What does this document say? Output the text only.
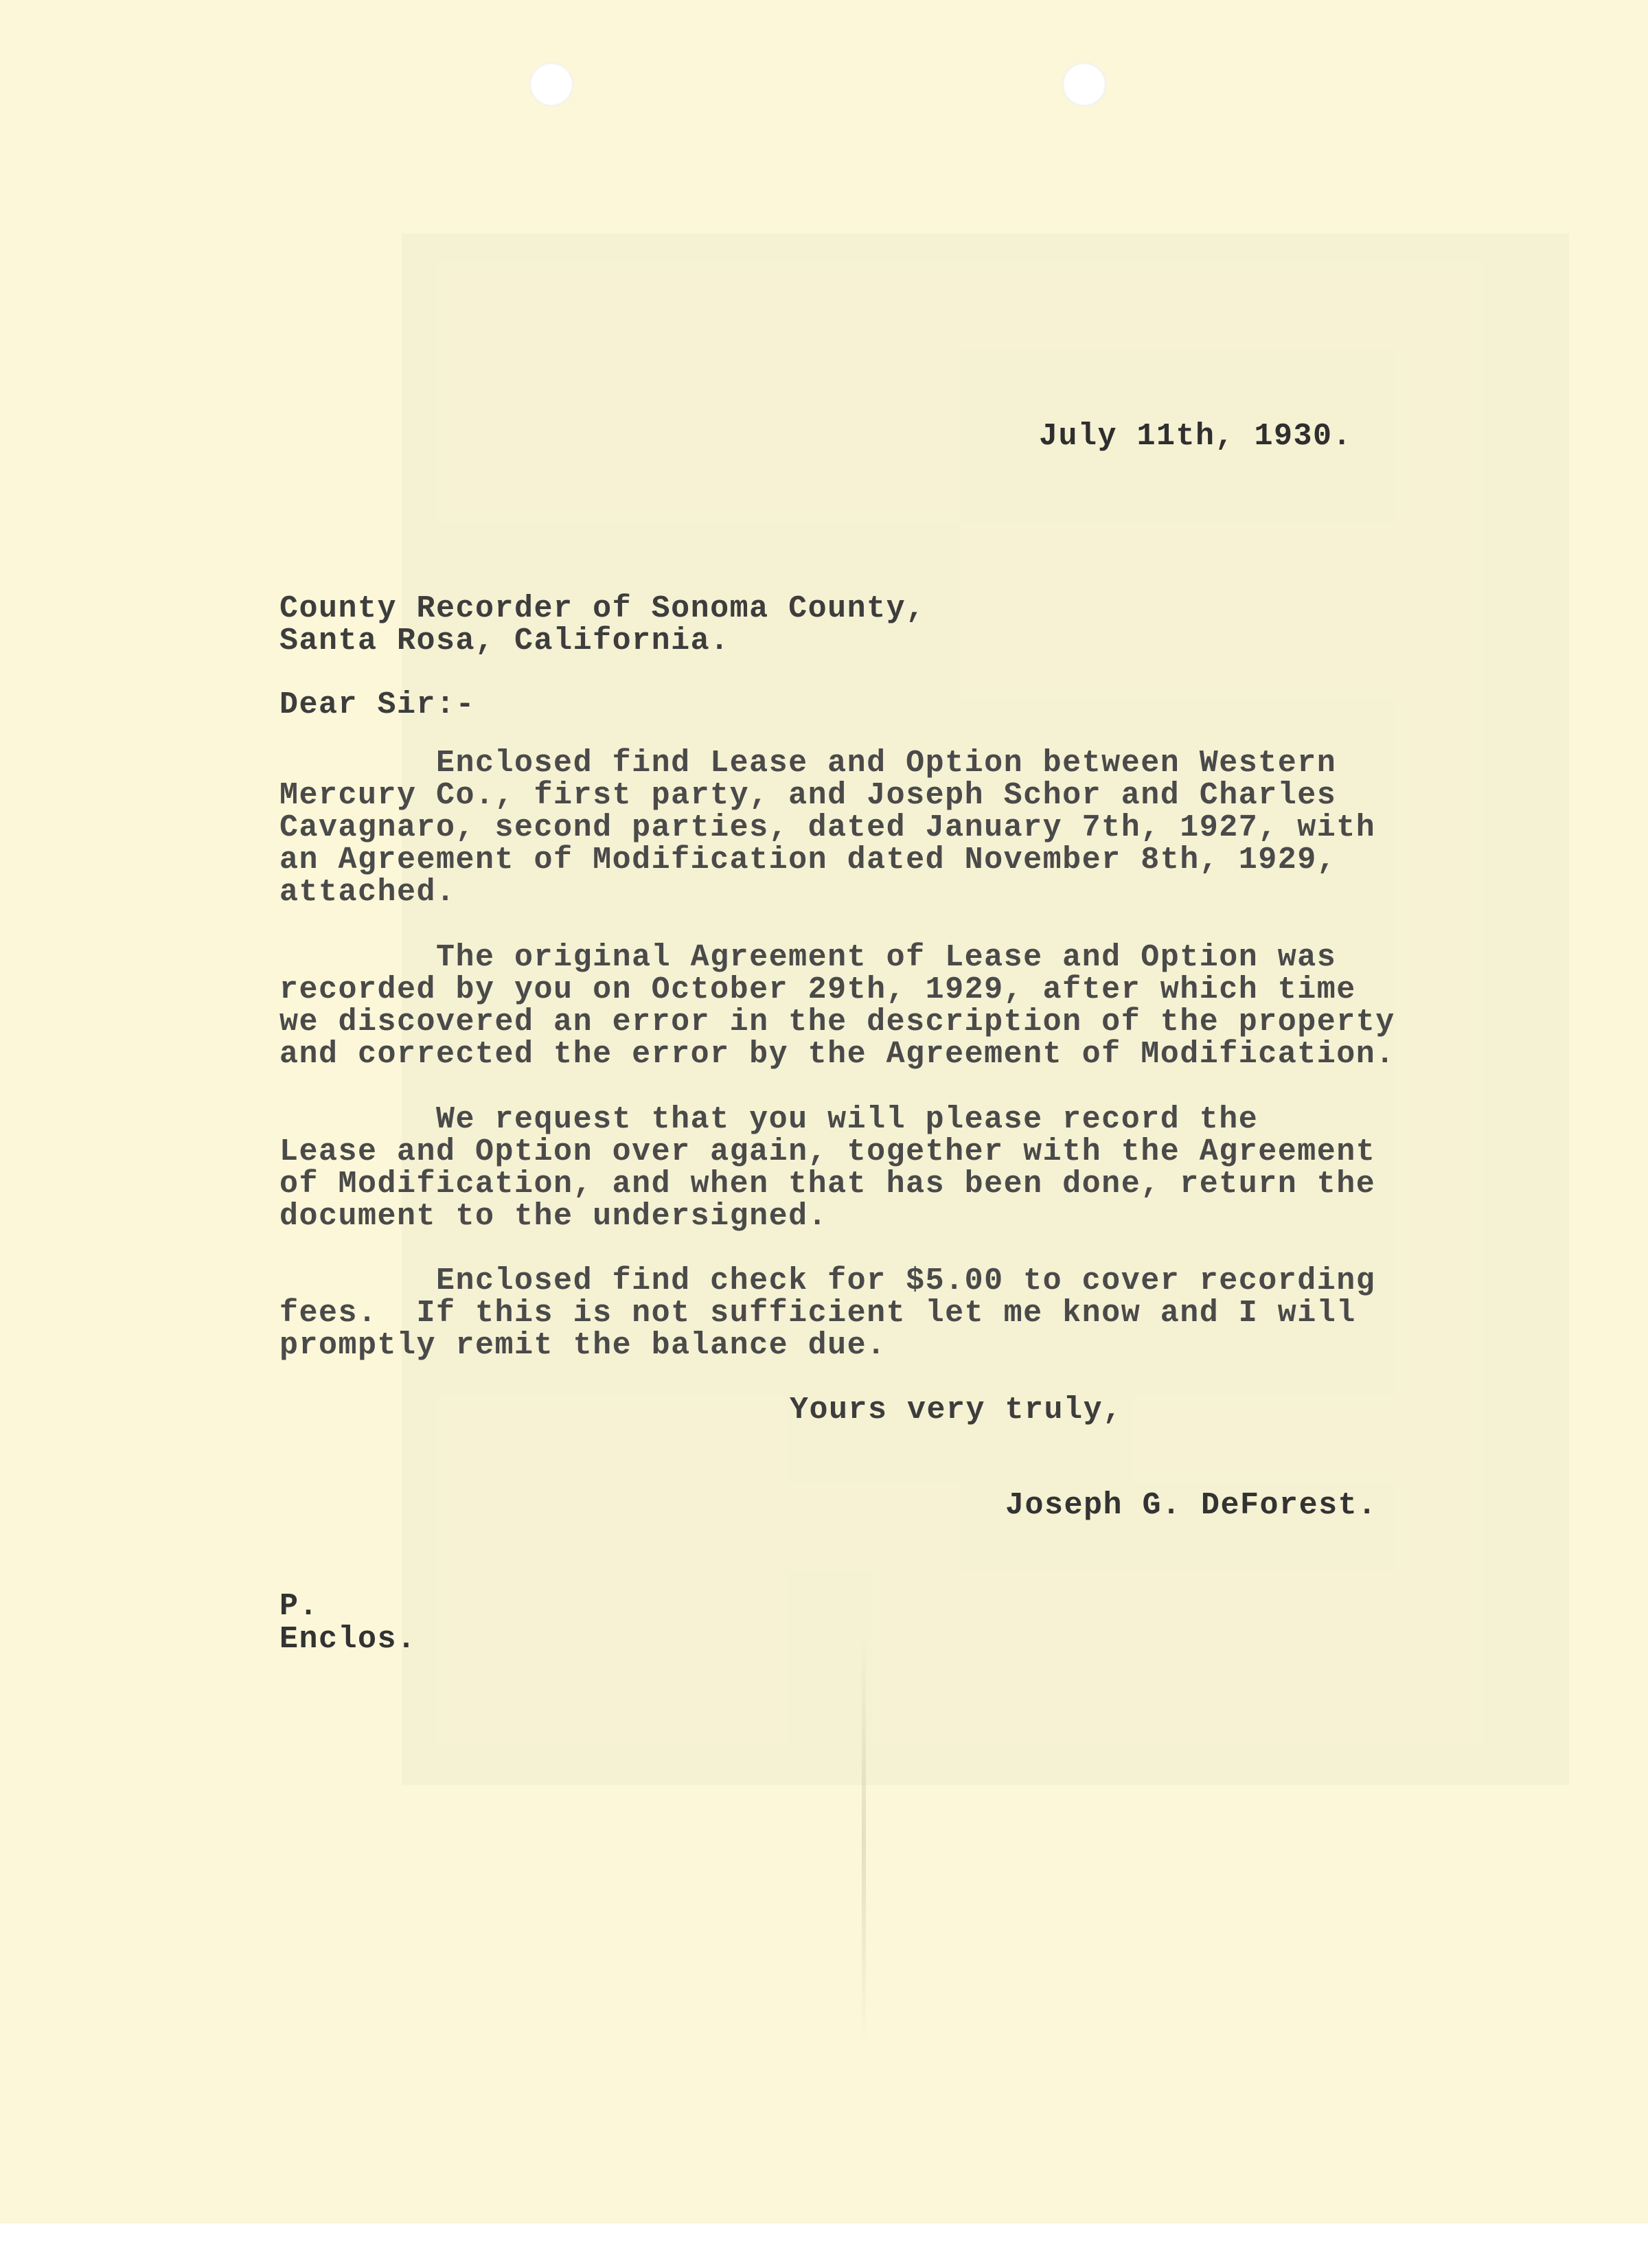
July 11th, 1930.
County Recorder of Sonoma County,
Santa Rosa, California.
Dear Sir:-
Enclosed find Lease and Option between Western
Mercury Co., first party, and Joseph Schor and Charles
Cavagnaro, second parties, dated January 7th, 1927, with
an Agreement of Modification dated November 8th, 1929,
attached.
The original Agreement of Lease and Option was
recorded by you on October 29th, 1929, after which time
we discovered an error in the description of the property
and corrected the error by the Agreement of Modification.
We request that you will please record the
Lease and Option over again, together with the Agreement
of Modification, and when that has been done, return the
document to the undersigned.
Enclosed find check for $5.00 to cover recording
fees.  If this is not sufficient let me know and I will
promptly remit the balance due.
Yours very truly,
Joseph G. DeForest.
P.
Enclos.
